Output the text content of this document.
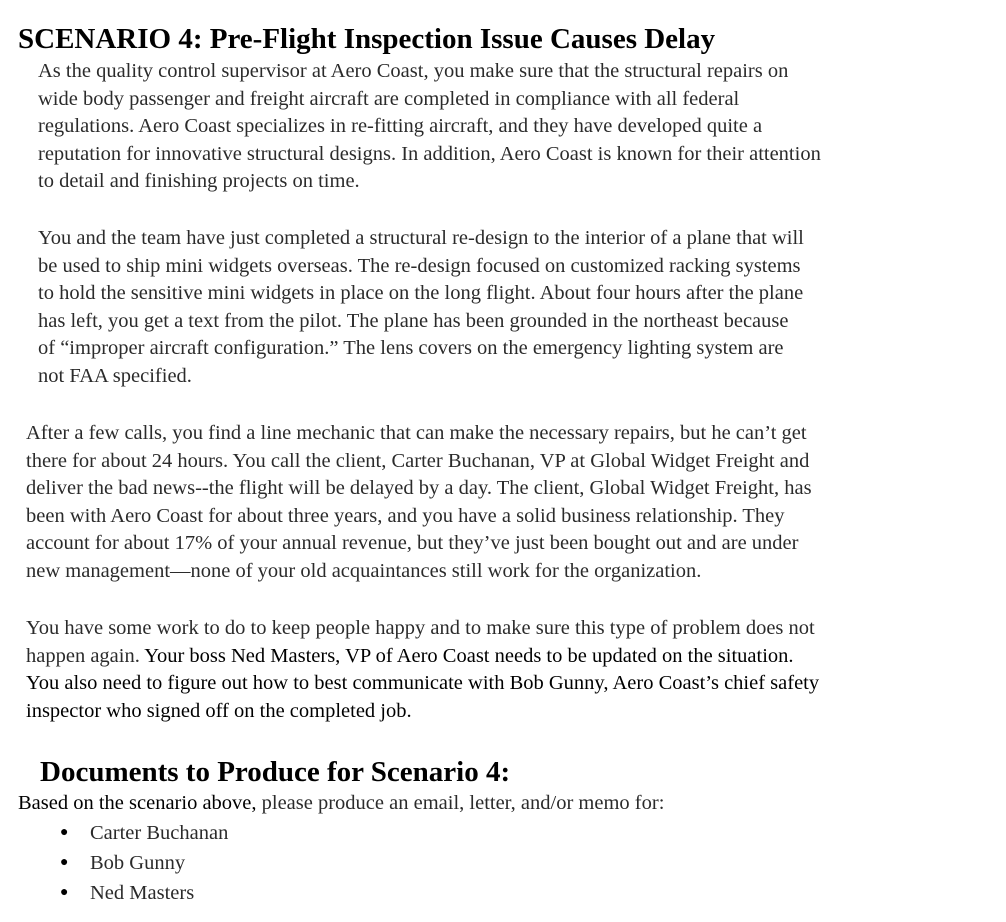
SCENARIO 4: Pre-Flight Inspection Issue Causes Delay

As the quality control supervisor at Aero Coast, you make sure that the structural repairs on
wide body passenger and freight aircraft are completed in compliance with all federal
regulations. Aero Coast specializes in re-fitting aircraft, and they have developed quite a
reputation for innovative structural designs. In addition, Aero Coast is known for their attention
to detail and finishing projects on time.

You and the team have just completed a structural re-design to the interior of a plane that will
be used to ship mini widgets overseas. The re-design focused on customized racking systems
to hold the sensitive mini widgets in place on the long flight. About four hours after the plane
has left, you get a text from the pilot. The plane has been grounded in the northeast because
of “improper aircraft configuration.” The lens covers on the emergency lighting system are
not FAA specified.

After a few calls, you find a line mechanic that can make the necessary repairs, but he can’t get
there for about 24 hours. You call the client, Carter Buchanan, VP at Global Widget Freight and
deliver the bad news--the flight will be delayed by a day. The client, Global Widget Freight, has
been with Aero Coast for about three years, and you have a solid business relationship. They
account for about 17% of your annual revenue, but they’ve just been bought out and are under
new management—none of your old acquaintances still work for the organization.

You have some work to do to keep people happy and to make sure this type of problem does not
happen again. Your boss Ned Masters, VP of Aero Coast needs to be updated on the situation.
You also need to figure out how to best communicate with Bob Gunny, Aero Coast’s chief safety
inspector who signed off on the completed job.

Documents to Produce for Scenario 4:

Based on the scenario above, please produce an email, letter, and/or memo for:

● Carter Buchanan
● Bob Gunny
● Ned Masters
